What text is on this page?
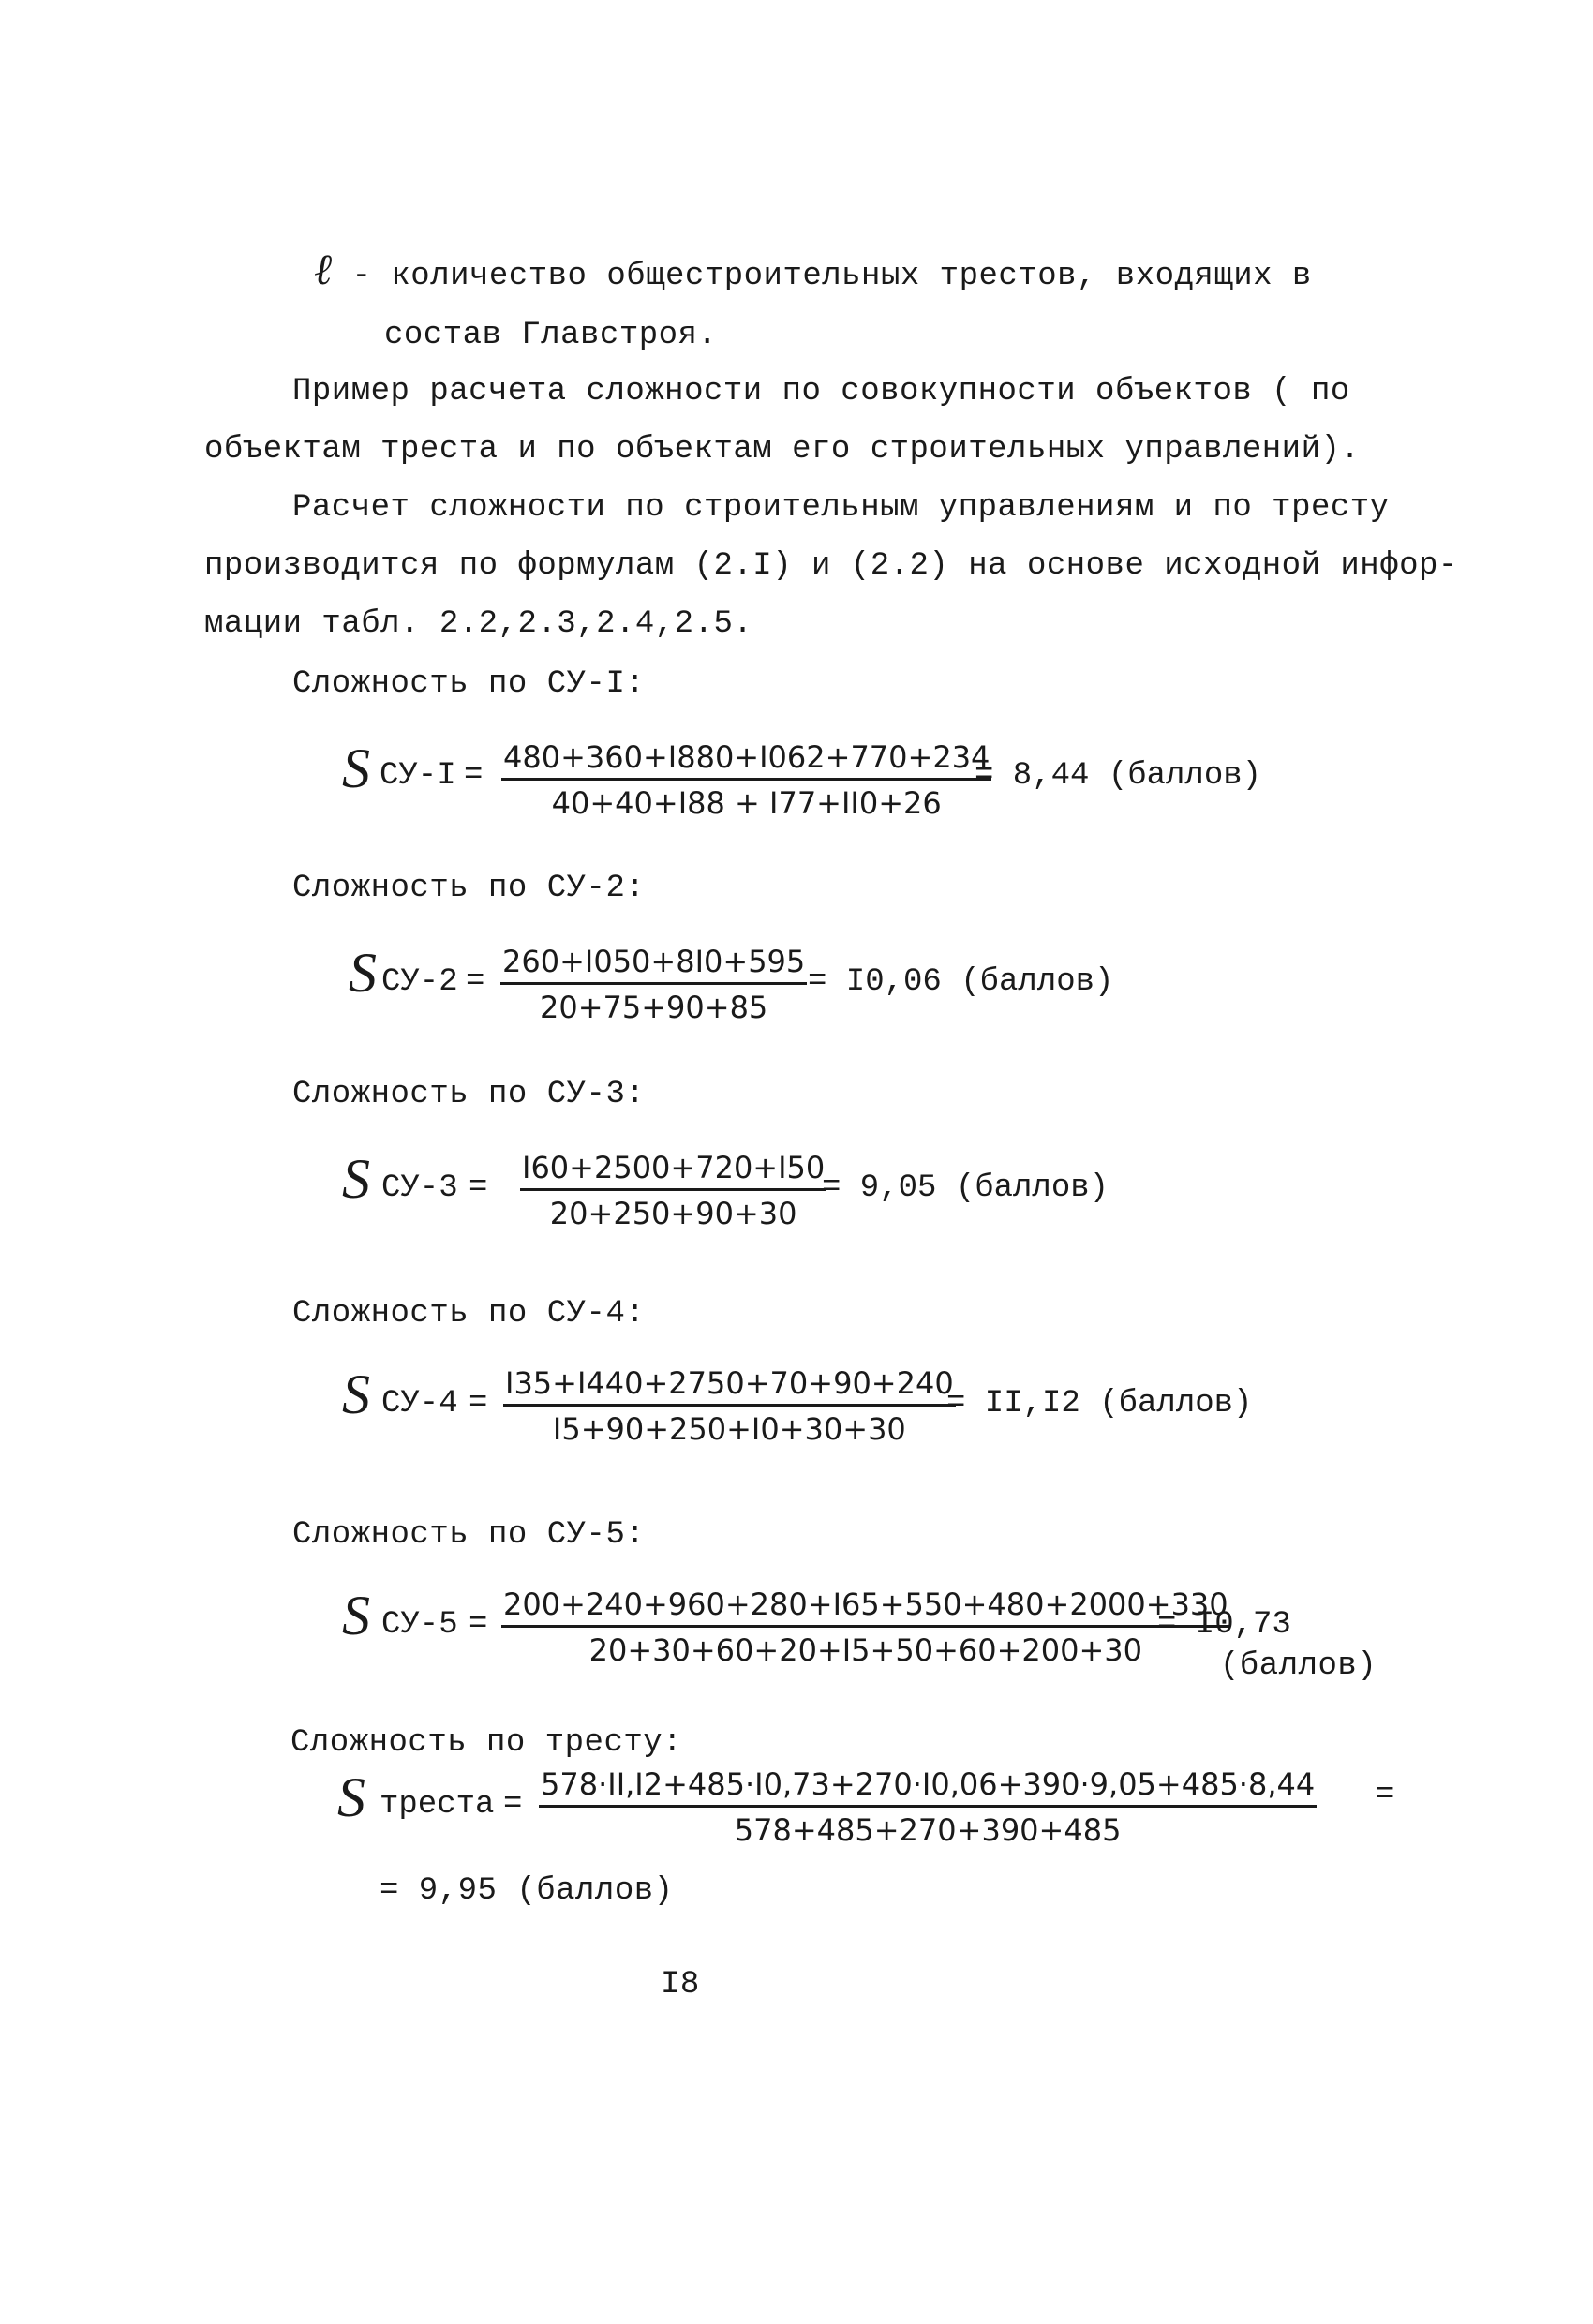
ℓ - количество общестроительных трестов, входящих в
состав Главстроя.
Пример расчета сложности по совокупности объектов ( по
объектам треста и по объектам его строительных управлений).
Расчет сложности по строительным управлениям и по тресту
производится по формулам (2.I) и (2.2) на основе исходной инфор-
мации табл. 2.2,2.3,2.4,2.5.
Сложность по СУ-I:
S $СУ-I = \frac{480+360+I880+I062+770+234}{40+40+I88 + I77+II0+26}$
= 8,44 (баллов)
Сложность по СУ-2:
S $СУ-2 = \frac{260+I050+8I0+595}{20+75+90+85} = I0,06$ (баллов)
Сложность по СУ-3:
S $СУ-3 = \frac{I60+2500+720+I50}{20+250+90+30}$
= 9,05 (баллов)
Сложность по СУ-4:
S $СУ-4 = \frac{I35+I440+2750+70+90+240}{I5+90+250+I0+30+30}$
= II,I2 (баллов)
Сложность по СУ-5:
S $СУ-5 = \frac{200+240+960+280+I65+550+480+2000+330}{20+30+60+20+I5+50+60+200+30}$
= I0,73
(баллов)
Сложность по тресту:
S треста = $\frac{578\cdot II,I2+485\cdot I0,73+270\cdot I0,06+390\cdot 9,05+485\cdot 8,44}{578+485+270+390+485}$ =
= 9,95 (баллов)
I8
